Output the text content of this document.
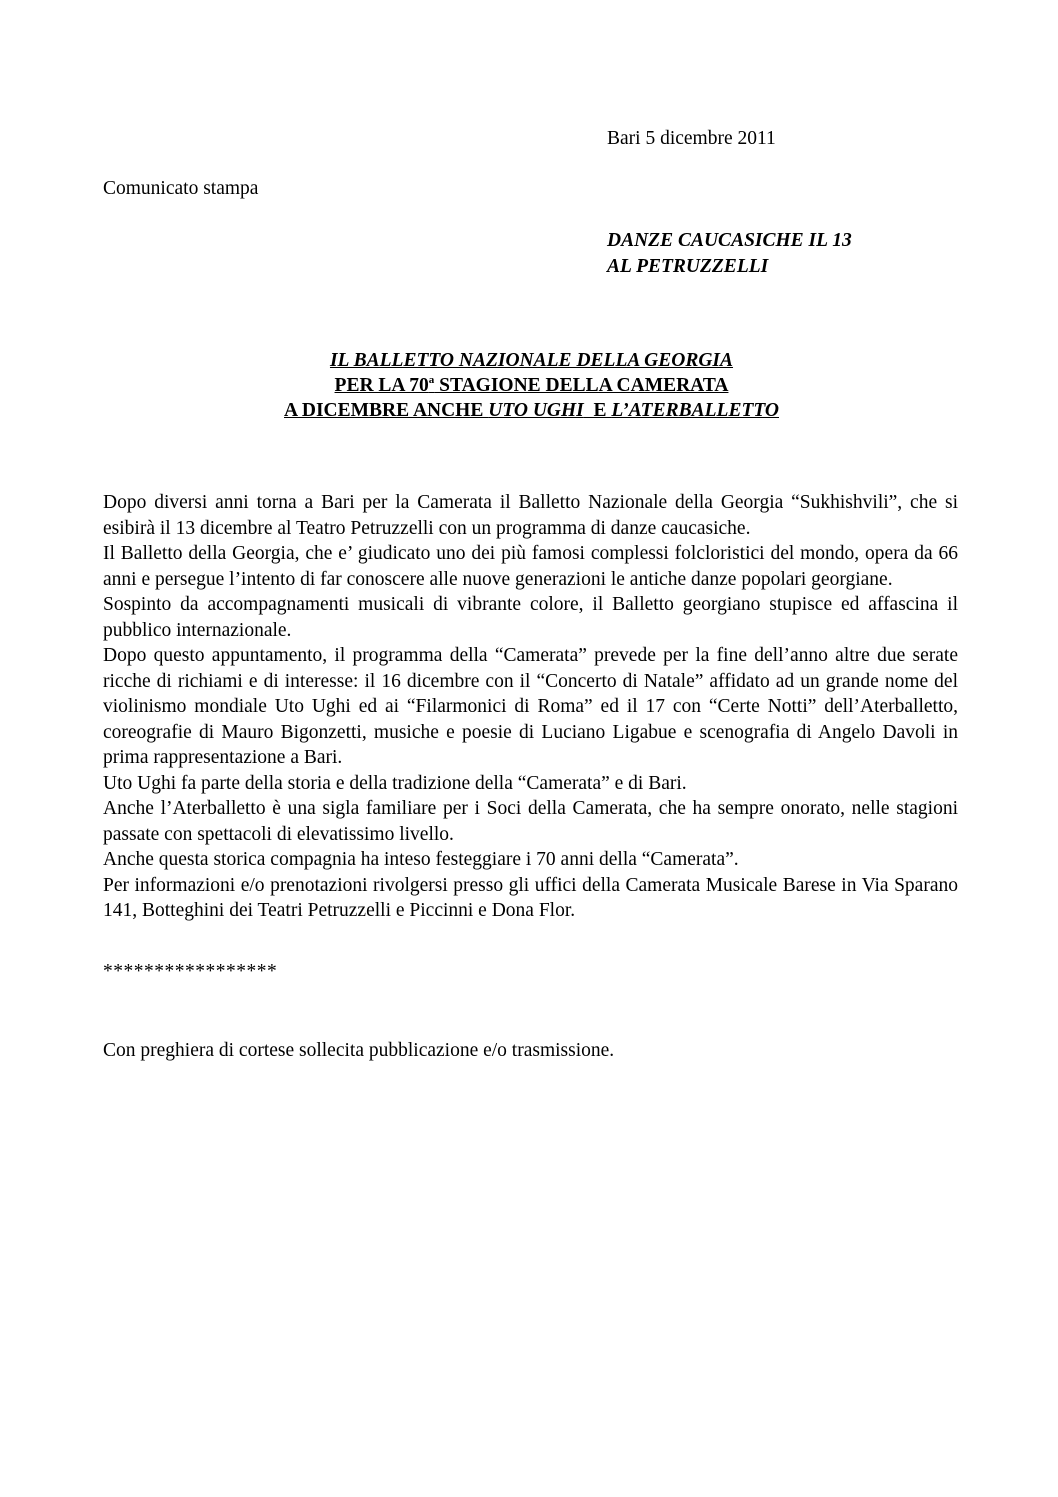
Bari 5 dicembre 2011
Comunicato stampa
DANZE CAUCASICHE IL 13
AL PETRUZZELLI
IL BALLETTO NAZIONALE DELLA GEORGIA
PER LA 70$^a$ STAGIONE DELLA CAMERATA
A DICEMBRE ANCHE UTO UGHI  E L’ATERBALLETTO

Dopo diversi anni torna a Bari per la Camerata il Balletto Nazionale della Georgia “Sukhishvili”, che si esibirà il 13 dicembre al Teatro Petruzzelli con un programma di danze caucasiche.

Il Balletto della Georgia, che e’ giudicato uno dei più famosi complessi folcloristici del mondo, opera da 66 anni e persegue l’intento di far conoscere alle nuove generazioni le antiche danze popolari georgiane.

Sospinto da accompagnamenti musicali di vibrante colore, il Balletto georgiano stupisce ed affascina il pubblico internazionale.

Dopo questo appuntamento, il programma della “Camerata” prevede per la fine dell’anno altre due serate ricche di richiami e di interesse: il 16 dicembre con il “Concerto di Natale” affidato ad un grande nome del violinismo mondiale Uto Ughi ed ai “Filarmonici di Roma” ed il 17 con “Certe Notti” dell’Aterballetto, coreografie di Mauro Bigonzetti, musiche e poesie di Luciano Ligabue e scenografia di Angelo Davoli in prima rappresentazione a Bari.

Uto Ughi fa parte della storia e della tradizione della “Camerata” e di Bari.

Anche l’Aterballetto è una sigla familiare per i Soci della Camerata, che ha sempre onorato, nelle stagioni passate con spettacoli di elevatissimo livello.

Anche questa storica compagnia ha inteso festeggiare i 70 anni della “Camerata”.

Per informazioni e/o prenotazioni rivolgersi presso gli uffici della Camerata Musicale Barese in Via Sparano 141, Botteghini dei Teatri Petruzzelli e Piccinni e Dona Flor.

*****************
Con preghiera di cortese sollecita pubblicazione e/o trasmissione.
